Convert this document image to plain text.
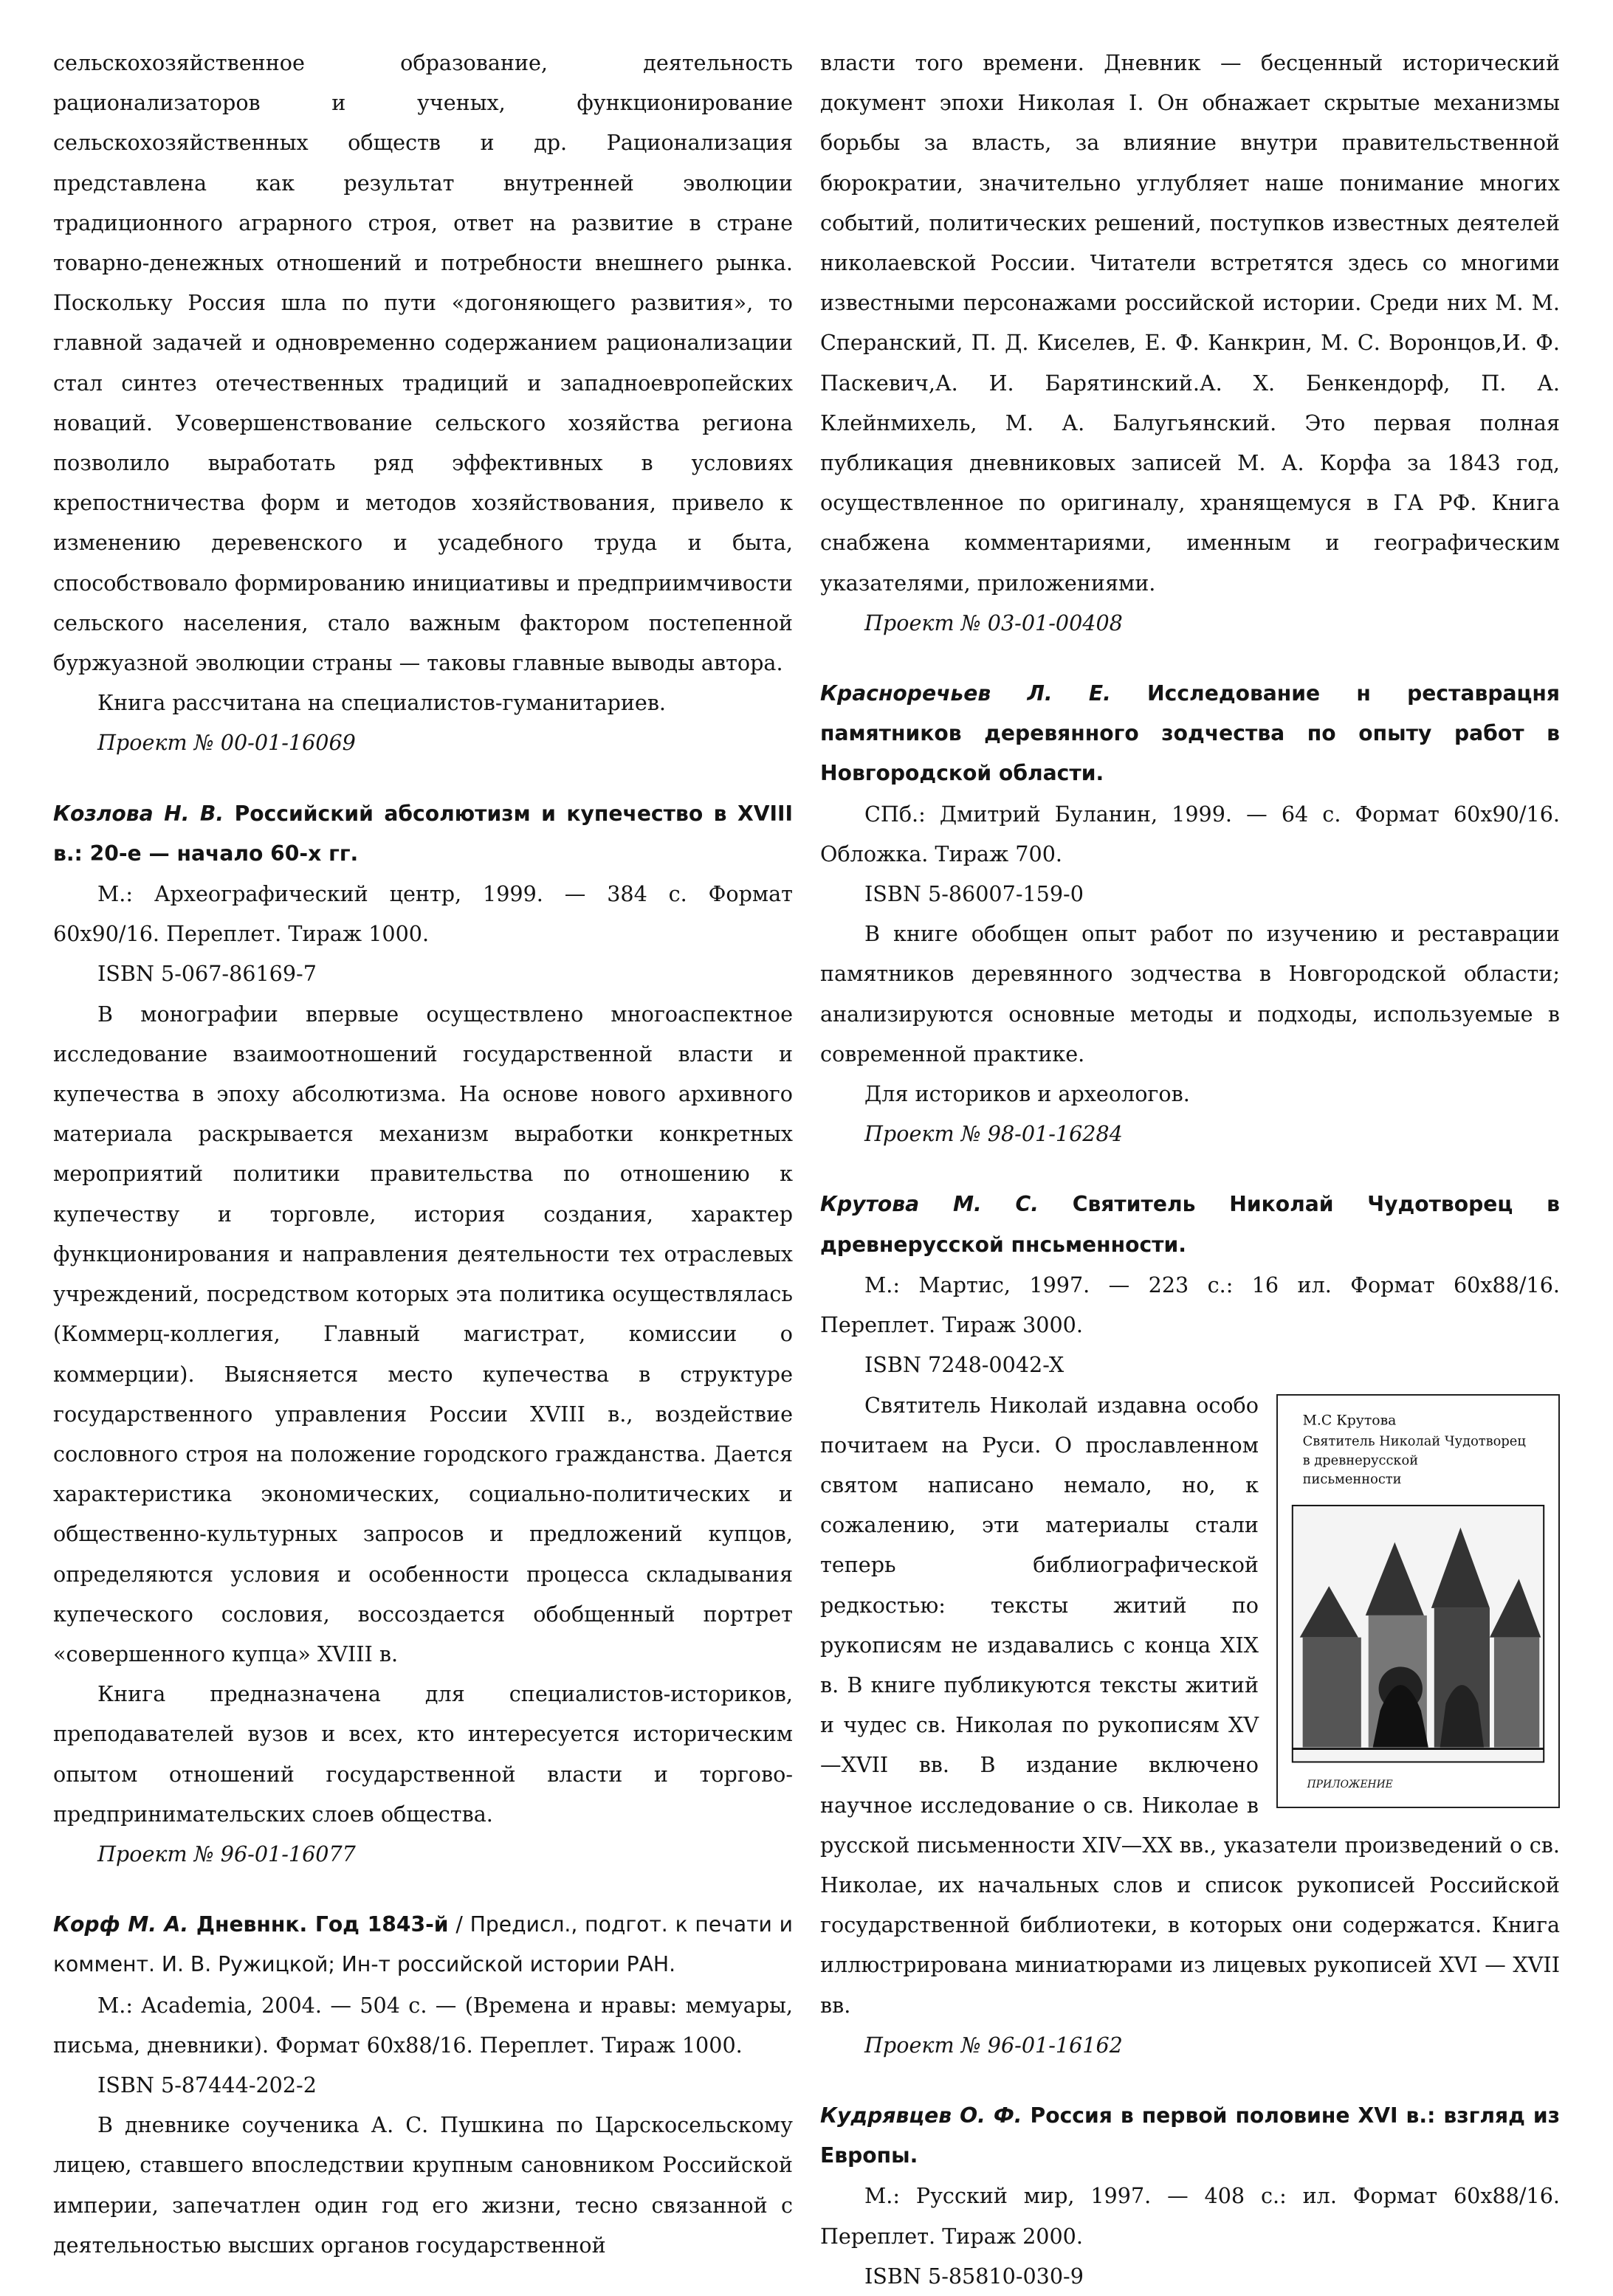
сельскохозяйственное образование, деятельность рационализаторов и ученых, функционирование сельскохозяйственных обществ и др. Рационализация представлена как результат внутренней эволюции традиционного аграрного строя, ответ на развитие в стране товарно-денежных отношений и потребности внешнего рынка. Поскольку Россия шла по пути «догоняющего развития», то главной задачей и одновременно содержанием рационализации стал синтез отечественных традиций и западноевропейских новаций. Усовершенствование сельского хозяйства региона позволило выработать ряд эффективных в условиях крепостничества форм и методов хозяйствования, привело к изменению деревенского и усадебного труда и быта, способствовало формированию инициативы и предприимчивости сельского населения, стало важным фактором постепенной буржуазной эволюции страны — таковы главные выводы автора.

Книга рассчитана на специалистов-гуманитариев.

Проект № 00-01-16069

Козлова Н. В. Российский абсолютизм и купечество в XVIII в.: 20-е — начало 60-х гг.

М.: Археографический центр, 1999. — 384 с. Формат 60x90/16. Переплет. Тираж 1000.

ISBN 5-067-86169-7

В монографии впервые осуществлено многоаспектное исследование взаимоотношений государственной власти и купечества в эпоху абсолютизма. На основе нового архивного материала раскрывается механизм выработки конкретных мероприятий политики правительства по отношению к купечеству и торговле, история создания, характер функционирования и направления деятельности тех отраслевых учреждений, посредством которых эта политика осуществлялась (Коммерц-коллегия, Главный магистрат, комиссии о коммерции). Выясняется место купечества в структуре государственного управления России XVIII в., воздействие сословного строя на положение городского гражданства. Дается характеристика экономических, социально-политических и общественно-культурных запросов и предложений купцов, определяются условия и особенности процесса складывания купеческого сословия, воссоздается обобщенный портрет «совершенного купца» XVIII в.

Книга предназначена для специалистов-историков, преподавателей вузов и всех, кто интересуется историческим опытом отношений государственной власти и торгово-предпринимательских слоев общества.

Проект № 96-01-16077

Корф М. А. Дневннк. Год 1843-й / Предисл., подгот. к печати и коммент. И. В. Ружицкой; Ин-т российской истории РАН.

М.: Academia, 2004. — 504 с. — (Времена и нравы: мемуары, письма, дневники). Формат 60x88/16. Переплет. Тираж 1000.

ISBN 5-87444-202-2

В дневнике соученика А. С. Пушкина по Царскосельскому лицею, ставшего впоследствии крупным сановником Российской империи, запечатлен один год его жизни, тесно связанной с деятельностью высших органов государственной

власти того времени. Дневник — бесценный исторический документ эпохи Николая I. Он обнажает скрытые механизмы борьбы за власть, за влияние внутри правительственной бюрократии, значительно углубляет наше понимание многих событий, политических решений, поступков известных деятелей николаевской России. Читатели встретятся здесь со многими известными персонажами российской истории. Среди них М. М. Сперанский, П. Д. Киселев, Е. Ф. Канкрин, М. С. Воронцов,И. Ф. Паскевич,А. И. Барятинский.А. Х. Бенкендорф, П. А. Клейнмихель, М. А. Балугьянский. Это первая полная публикация дневниковых записей М. А. Корфа за 1843 год, осуществленное по оригиналу, хранящемуся в ГА РФ. Книга снабжена комментариями, именным и географическим указателями, приложениями.

Проект № 03-01-00408

Красноречьев Л. Е. Исследование н реставрацня памятников деревянного зодчества по опыту работ в Новгородской области.

СПб.: Дмитрий Буланин, 1999. — 64 с. Формат 60x90/16. Обложка. Тираж 700.

ISBN 5-86007-159-0

В книге обобщен опыт работ по изучению и реставрации памятников деревянного зодчества в Новгородской области; анализируются основные методы и подходы, используемые в современной практике.

Для историков и археологов.

Проект № 98-01-16284

Крутова М. С. Святитель Николай Чудотворец в древнерусской пнсьменности.

М.: Мартис, 1997. — 223 с.: 16 ил. Формат 60x88/16. Переплет. Тираж 3000.

ISBN 7248-0042-X

М.С Крутова
Святитель Николай Чудотворец
в древнерусской
письменности
ПРИЛОЖЕНИЕ

Святитель Николай издавна особо почитаем на Руси. О прославленном святом написано немало, но, к сожалению, эти материалы стали теперь библиографической редкостью: тексты житий по рукописям не издавались с конца XIX в. В книге публикуются тексты житий и чудес св. Николая по рукописям XV—XVII вв. В издание включено научное исследование о св. Николае в русской письменности XIV—XX вв., указатели произведений о св. Николае, их начальных слов и список рукописей Российской государственной библиотеки, в которых они содержатся. Книга иллюстрирована миниатюрами из лицевых рукописей XVI — XVII вв.

Проект № 96-01-16162

Кудрявцев О. Ф. Россия в первой половине XVI в.: взгляд из Европы.

М.: Русский мир, 1997. — 408 с.: ил. Формат 60x88/16. Переплет. Тираж 2000.

ISBN 5-85810-030-9
